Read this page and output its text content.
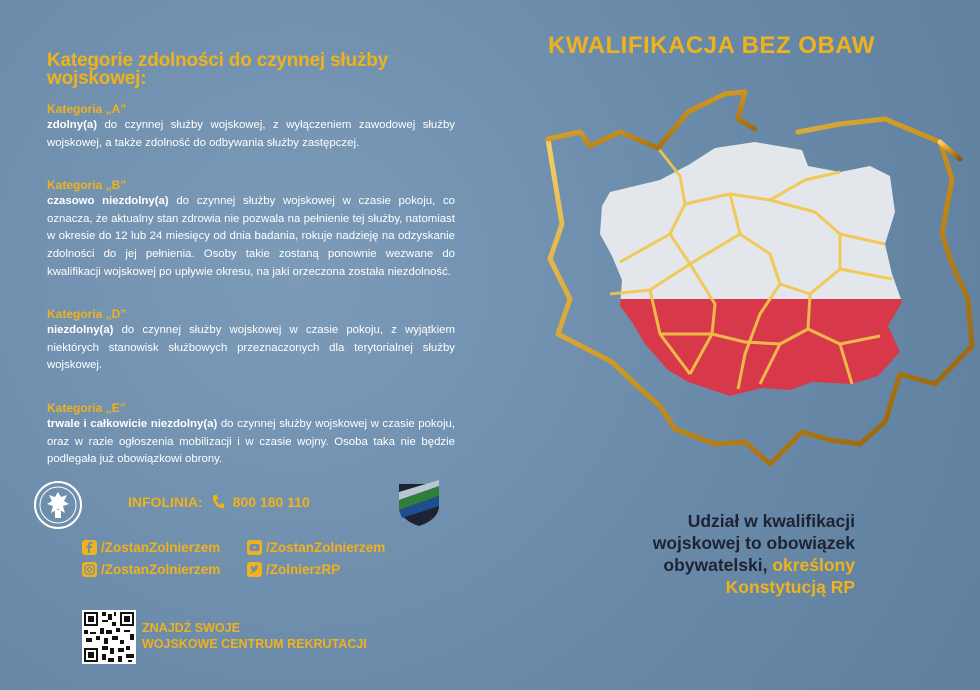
Kategorie zdolności do czynnej służby
wojskowej:
Kategoria „A”
zdolny(a) do czynnej służby wojskowej, z wyłączeniem zawodowej służby wojskowej, a także zdolność do odbywania służby zastępczej.
Kategoria „B”
czasowo niezdolny(a) do czynnej służby wojskowej w czasie pokoju, co oznacza, że aktualny stan zdrowia nie pozwala na pełnienie tej służby, natomiast w okresie do 12 lub 24 miesięcy od dnia badania, rokuje nadzieję na odzyskanie zdolności do jej pełnienia. Osoby takie zostaną ponownie wezwane do kwalifikacji wojskowej po upływie okresu, na jaki orzeczona została niezdolność.
Kategoria „D”
niezdolny(a) do czynnej służby wojskowej w czasie pokoju, z wyjątkiem niektórych stanowisk służbowych przeznaczonych dla terytorialnej służby wojskowej.
Kategoria „E”
trwale i całkowicie niezdolny(a) do czynnej służby wojskowej w czasie pokoju, oraz w razie ogłoszenia mobilizacji i w czasie wojny. Osoba taka nie będzie podlegała już obowiązkowi obrony.
KWALIFIKACJA BEZ OBAW
Udział w kwalifikacji
wojskowej to obowiązek
obywatelski, określony
Konstytucją RP
INFOLINIA: 800 180 110
/ZostanZolnierzem	/ZostanZolnierzem
/ZostanZolnierzem	/ZolnierzRP
ZNAJDŹ SWOJE
WOJSKOWE CENTRUM REKRUTACJI
